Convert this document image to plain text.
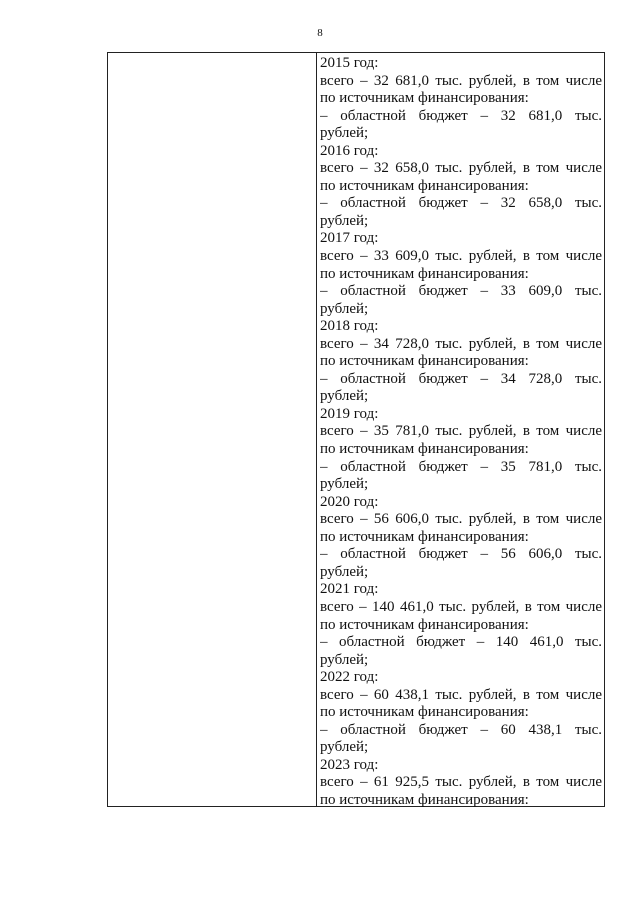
8
2015 год:
всего – 32 681,0 тыс. рублей, в том числе
по источникам финансирования:
– областной бюджет – 32 681,0 тыс.
рублей;
2016 год:
всего – 32 658,0 тыс. рублей, в том числе
по источникам финансирования:
– областной бюджет – 32 658,0 тыс.
рублей;
2017 год:
всего – 33 609,0 тыс. рублей, в том числе
по источникам финансирования:
– областной бюджет – 33 609,0 тыс.
рублей;
2018 год:
всего – 34 728,0 тыс. рублей, в том числе
по источникам финансирования:
– областной бюджет – 34 728,0 тыс.
рублей;
2019 год:
всего – 35 781,0 тыс. рублей, в том числе
по источникам финансирования:
– областной бюджет – 35 781,0 тыс.
рублей;
2020 год:
всего – 56 606,0 тыс. рублей, в том числе
по источникам финансирования:
– областной бюджет – 56 606,0 тыс.
рублей;
2021 год:
всего – 140 461,0 тыс. рублей, в том числе
по источникам финансирования:
– областной бюджет – 140 461,0 тыс.
рублей;
2022 год:
всего – 60 438,1 тыс. рублей, в том числе
по источникам финансирования:
– областной бюджет – 60 438,1 тыс.
рублей;
2023 год:
всего – 61 925,5 тыс. рублей, в том числе
по источникам финансирования:
